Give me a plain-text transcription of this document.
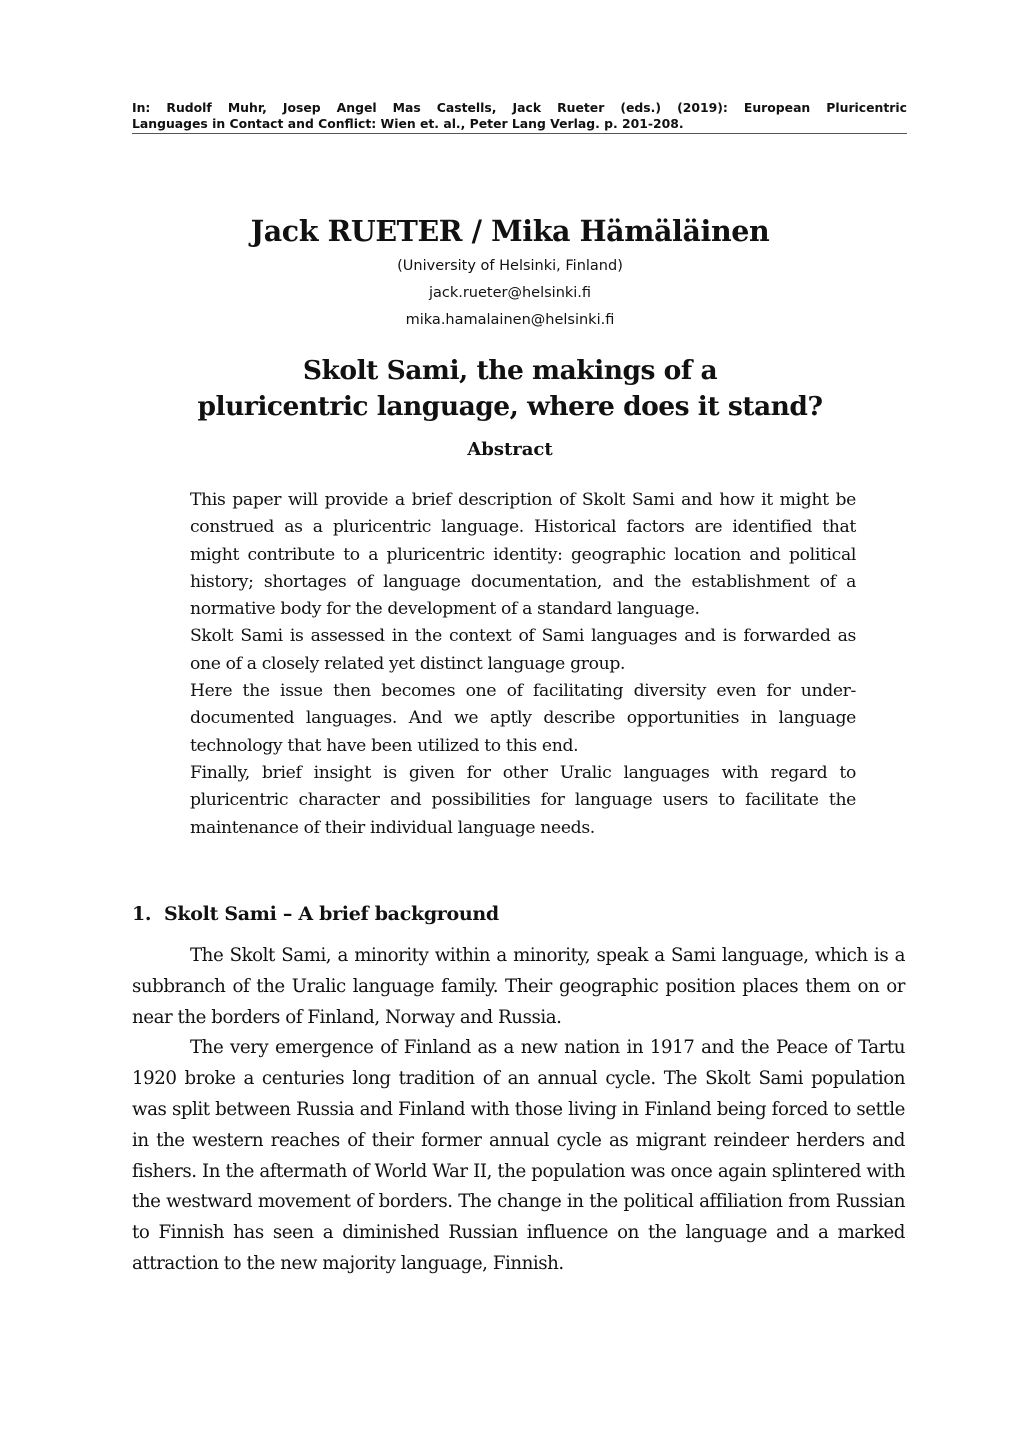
In: Rudolf Muhr, Josep Angel Mas Castells, Jack Rueter (eds.) (2019): European Pluricentric
Languages in Contact and Conflict: Wien et. al., Peter Lang Verlag. p. 201-208.
Jack RUETER / Mika Hämäläinen
(University of Helsinki, Finland)
jack.rueter@helsinki.fi
mika.hamalainen@helsinki.fi
Skolt Sami, the makings of a
pluricentric language, where does it stand?
Abstract

This paper will provide a brief description of Skolt Sami and how it might be construed as a pluricentric language. Historical factors are identified that might contribute to a pluricentric identity: geographic location and political history; shortages of language documentation, and the establishment of a normative body for the development of a standard language.

Skolt Sami is assessed in the context of Sami languages and is forwarded as one of a closely related yet distinct language group.

Here the issue then becomes one of facilitating diversity even for under-documented languages. And we aptly describe opportunities in language technology that have been utilized to this end.

Finally, brief insight is given for other Uralic languages with regard to pluricentric character and possibilities for language users to facilitate the maintenance of their individual language needs.

1. Skolt Sami – A brief background

The Skolt Sami, a minority within a minority, speak a Sami language, which is a subbranch of the Uralic language family. Their geographic position places them on or near the borders of Finland, Norway and Russia.

The very emergence of Finland as a new nation in 1917 and the Peace of Tartu 1920 broke a centuries long tradition of an annual cycle. The Skolt Sami population was split between Russia and Finland with those living in Finland being forced to settle in the western reaches of their former annual cycle as migrant reindeer herders and fishers. In the aftermath of World War II, the population was once again splintered with the westward movement of borders. The change in the political affiliation from Russian to Finnish has seen a diminished Russian influence on the language and a marked attraction to the new majority language, Finnish.
